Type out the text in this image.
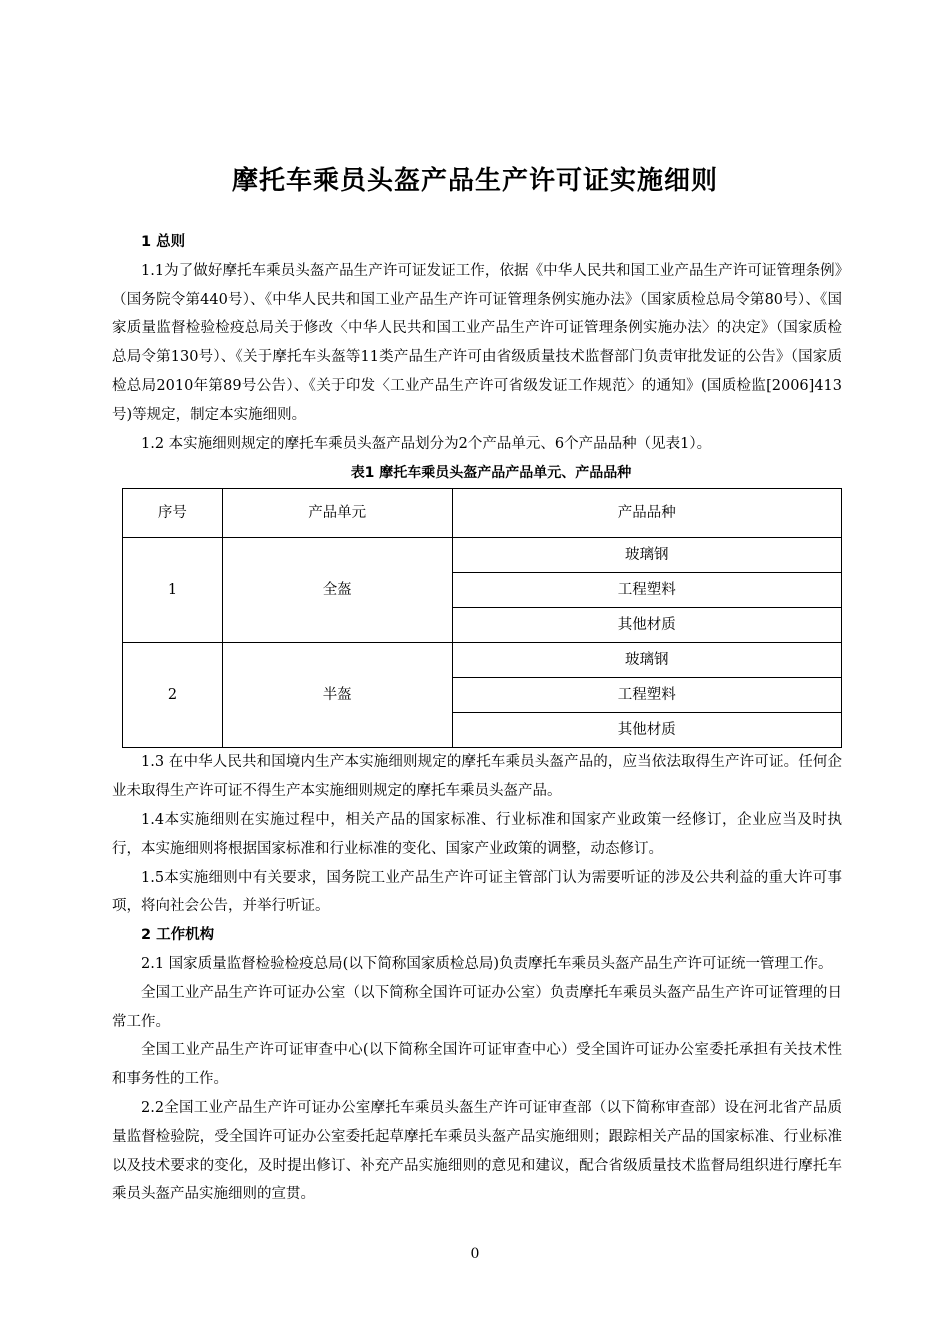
摩托车乘员头盔产品生产许可证实施细则

1 总则

1.1为了做好摩托车乘员头盔产品生产许可证发证工作，依据《中华人民共和国工业产品生产许可证管理条例》（国务院令第440号）、《中华人民共和国工业产品生产许可证管理条例实施办法》（国家质检总局令第80号）、《国家质量监督检验检疫总局关于修改〈中华人民共和国工业产品生产许可证管理条例实施办法〉的决定》（国家质检总局令第130号）、《关于摩托车头盔等11类产品生产许可由省级质量技术监督部门负责审批发证的公告》（国家质检总局2010年第89号公告）、《关于印发〈工业产品生产许可省级发证工作规范〉的通知》(国质检监[2006]413号)等规定，制定本实施细则。

1.2 本实施细则规定的摩托车乘员头盔产品划分为2个产品单元、6个产品品种（见表1）。

表1 摩托车乘员头盔产品产品单元、产品品种

序号	产品单元	产品品种
1	全盔	玻璃钢
		工程塑料
		其他材质
2	半盔	玻璃钢
		工程塑料
		其他材质

1.3 在中华人民共和国境内生产本实施细则规定的摩托车乘员头盔产品的，应当依法取得生产许可证。任何企业未取得生产许可证不得生产本实施细则规定的摩托车乘员头盔产品。

1.4本实施细则在实施过程中，相关产品的国家标准、行业标准和国家产业政策一经修订，企业应当及时执行，本实施细则将根据国家标准和行业标准的变化、国家产业政策的调整，动态修订。

1.5本实施细则中有关要求，国务院工业产品生产许可证主管部门认为需要听证的涉及公共利益的重大许可事项，将向社会公告，并举行听证。

2 工作机构

2.1 国家质量监督检验检疫总局(以下简称国家质检总局)负责摩托车乘员头盔产品生产许可证统一管理工作。

全国工业产品生产许可证办公室（以下简称全国许可证办公室）负责摩托车乘员头盔产品生产许可证管理的日常工作。

全国工业产品生产许可证审查中心(以下简称全国许可证审查中心）受全国许可证办公室委托承担有关技术性和事务性的工作。

2.2全国工业产品生产许可证办公室摩托车乘员头盔生产许可证审查部（以下简称审查部）设在河北省产品质量监督检验院，受全国许可证办公室委托起草摩托车乘员头盔产品实施细则；跟踪相关产品的国家标准、行业标准以及技术要求的变化，及时提出修订、补充产品实施细则的意见和建议，配合省级质量技术监督局组织进行摩托车乘员头盔产品实施细则的宣贯。

0
